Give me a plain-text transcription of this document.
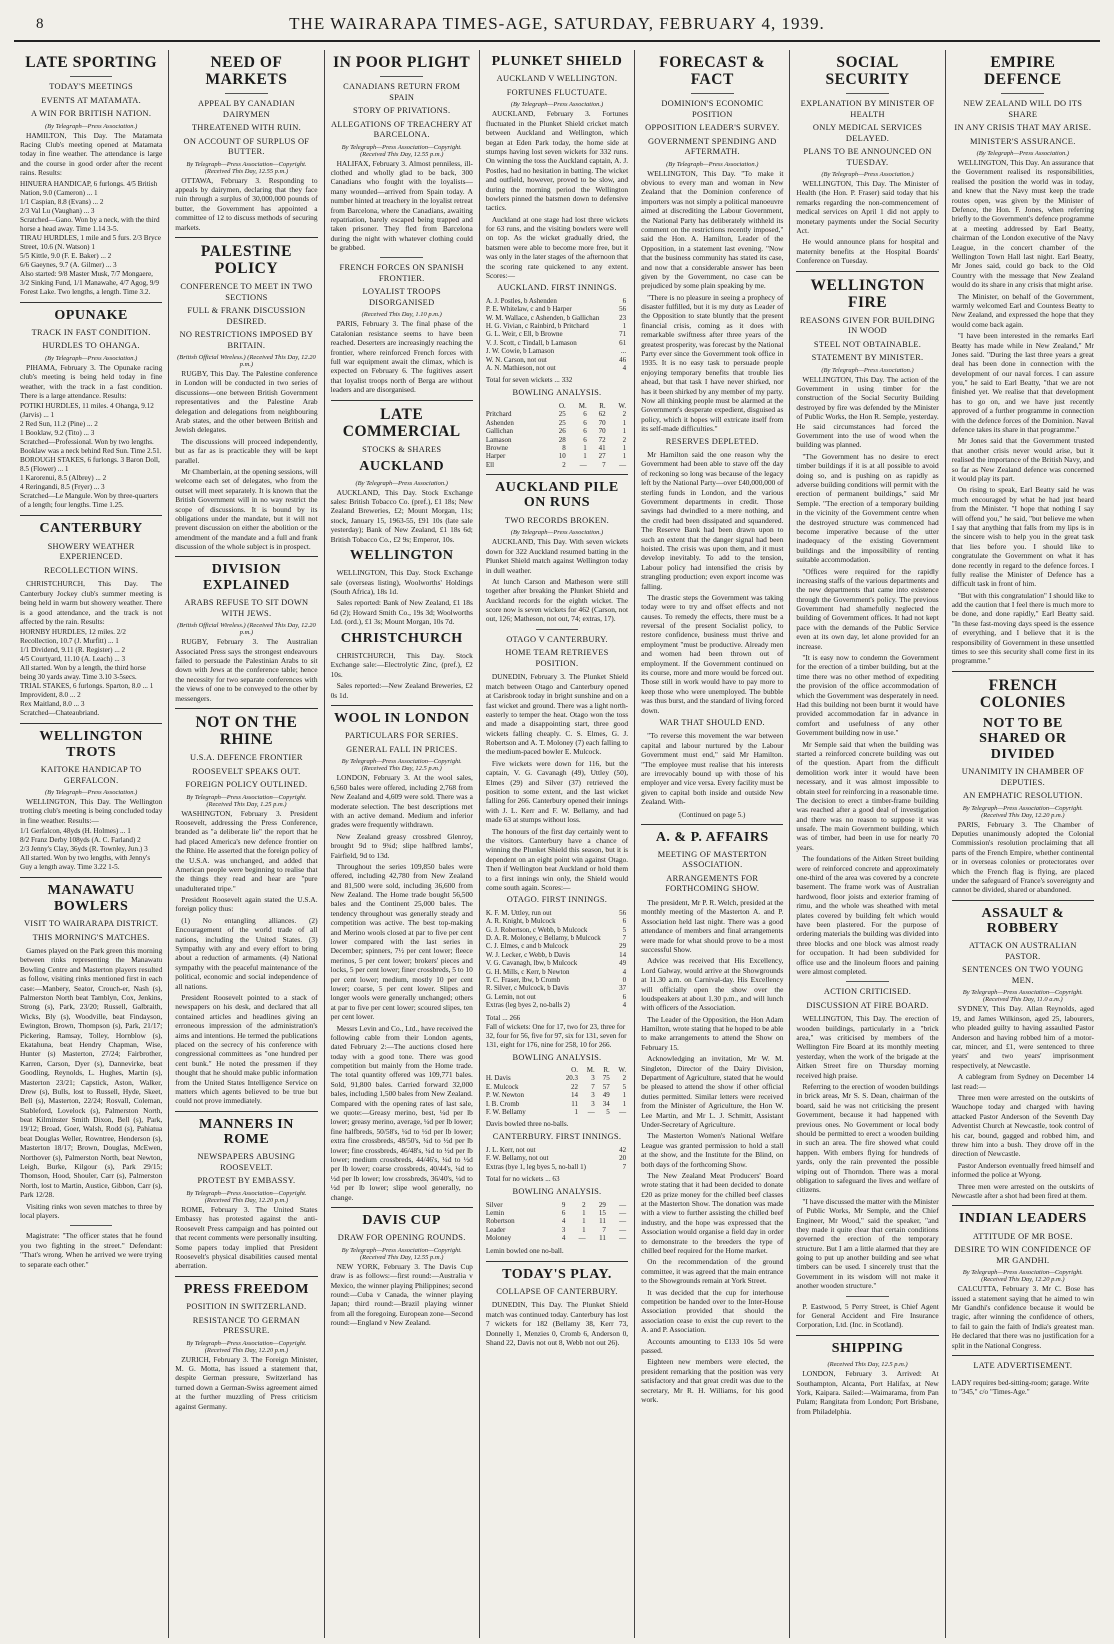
8	THE WAIRARAPA TIMES-AGE, SATURDAY, FEBRUARY 4, 1939.
LATE SPORTING
TODAY'S MEETINGS
EVENTS AT MATAMATA.
A WIN FOR BRITISH NATION.
(By Telegraph—Press Association.)

HAMILTON, This Day. The Matamata Racing Club's meeting opened at Matamata today in fine weather. The attendance is large and the course in good order after the recent rains. Results:

HINUERA HANDICAP, 6 furlongs. 4/5 British Nation, 9.0 (Cameron) ... 1

1/1 Caspian, 8.8 (Evans) ... 2

2/3 Val Lu (Vaughan) ... 3

Scratched—Gano. Won by a neck, with the third horse a head away. Time 1.14 3-5.

TIRAU HURDLES, 1 mile and 5 furs. 2/3 Bryce Street, 10.6 (N. Watson) 1

5/5 Kittle, 9.0 (F. E. Baker) ... 2

6/6 Gaeynes, 9.7 (A. Gilmer) ... 3

Also started: 9/8 Master Musk, 7/7 Mongaere, 3/2 Sinking Fund, 1/1 Manawahe, 4/7 Agog, 9/9 Forest Lake. Two lengths, a length. Time 3.2.

OPUNAKE
TRACK IN FAST CONDITION.
HURDLES TO OHANGA.
(By Telegraph—Press Association.)

PIHAMA, February 3. The Opunake racing club's meeting is being held today in fine weather, with the track in a fast condition. There is a large attendance. Results:

POTIKI HURDLES, 11 miles. 4 Ohanga, 9.12 (Jarvis) ... 1

2 Red Sun, 11.2 (Pine) ... 2

1 Booklaw, 9.2 (Tito) ... 3

Scratched—Professional. Won by two lengths. Booklaw was a neck behind Red Sun. Time 2.51.

BOROUGH STAKES, 6 furlongs. 3 Baron Doll, 8.5 (Flower) ... 1

1 Karorenui, 8.5 (Albrey) ... 2

4 Reringandi, 8.5 (Fryer) ... 3

Scratched—Le Mangule. Won by three-quarters of a length; four lengths. Time 1.25.

CANTERBURY
SHOWERY WEATHER EXPERIENCED.
RECOLLECTION WINS.

CHRISTCHURCH, This Day. The Canterbury Jockey club's summer meeting is being held in warm but showery weather. There is a good attendance, and the track is not affected by the rain. Results:

HORNBY HURDLES, 12 miles. 2/2 Recollection, 10.7 (J. Murfitt) ... 1

1/1 Dividend, 9.11 (R. Register) ... 2

4/5 Courtyard, 11.10 (A. Leach) ... 3

All started. Won by a length, the third horse being 30 yards away. Time 3.10 3-5secs.

TRIAL STAKES, 6 furlongs. Sparton, 8.0 ... 1

Improvident, 8.0 ... 2

Rex Maitland, 8.0 ... 3

Scratched—Chateaubriand.

WELLINGTON TROTS
KAITOKE HANDICAP TO GERFALCON.
(By Telegraph—Press Association.)

WELLINGTON, This Day. The Wellington trotting club's meeting is being concluded today in fine weather. Results:—

1/1 Gerfalcon, 48yds (H. Holmes) ... 1

8/2 Franz Derby 108yds (A. C. Farland) 2

2/3 Jenny's Clay, 36yds (R. Townley, Jun.) 3

All started. Won by two lengths, with Jenny's Guy a length away. Time 3.22 1-5.

MANAWATU BOWLERS
VISIT TO WAIRARAPA DISTRICT.
THIS MORNING'S MATCHES.

Games played on the Park green this morning between rinks representing the Manawatu Bowling Centre and Masterton players resulted as follow, visiting rinks mentioned first in each case:—Manbery, Seator, Crouch-er, Nash (s), Palmerston North beat Tamblyn, Cox, Jenkins, Strong (s), Park, 23/20; Russell, Galbraith, Wicks, Bly (s), Woodville, beat Findayson, Ewington, Brown, Thompson (s), Park, 21/17; Pickering, Ramsay, Tolley, Hornblow (s), Ekatahuna, beat Hendry Chapman, Wise, Hunter (s) Masterton, 27/24; Fairbrother, Karren, Carson, Dyer (s), Dannevirke, beat Goodling, Reynolds, L. Hughes, Martin (s), Masterton 23/21; Capstick, Aston, Walker, Drew (s), Bulls, lost to Russell, Hyde, Skeet, Bell (s), Masterton, 22/24; Rosvall, Coleman, Stableford, Lovelock (s), Palmerston North, beat Kilminster Smith Dixon, Bell (s), Park, 19/12; Broad, Goer, Walsh, Rodd (s), Pahiatua beat Douglas Weller, Rowntree, Henderson (s), Masterton 18/17; Brown, Douglas, McEwen, Northover (s), Palmerston North, beat Newton, Leigh, Burke, Kilgour (s), Park 29/15; Thomson, Hood, Shouler, Carr (s), Palmerston North, lost to Martin, Austice, Gibbon, Carr (s), Park 12/28.

Visiting rinks won seven matches to three by local players.

Magistrate: "The officer states that he found you two fighting in the street." Defendant: "That's wrong. When he arrived we were trying to separate each other."

NEED OF MARKETS
APPEAL BY CANADIAN DAIRYMEN
THREATENED WITH RUIN.
ON ACCOUNT OF SURPLUS OF BUTTER.
By Telegraph—Press Association—Copyright. (Received This Day, 12.55 p.m.)

OTTAWA, February 3. Responding to appeals by dairymen, declaring that they face ruin through a surplus of 30,000,000 pounds of butter, the Government has appointed a committee of 12 to discuss methods of securing markets.

PALESTINE POLICY
CONFERENCE TO MEET IN TWO SECTIONS
FULL & FRANK DISCUSSION DESIRED.
NO RESTRICTIONS IMPOSED BY BRITAIN.
(British Official Wireless.) (Received This Day, 12.20 p.m.)

RUGBY, This Day. The Palestine conference in London will be conducted in two series of discussions—one between British Government representatives and the Palestine Arab delegation and delegations from neighbouring Arab states, and the other between British and Jewish delegates.

The discussions will proceed independently, but as far as is practicable they will be kept parallel.

Mr Chamberlain, at the opening sessions, will welcome each set of delegates, who from the outset will meet separately. It is known that the British Government will in no way restrict the scope of discussions. It is bound by its obligations under the mandate, but it will not prevent discussion on either the abolition or the amendment of the mandate and a full and frank discussion of the whole subject is in prospect.

DIVISION EXPLAINED
ARABS REFUSE TO SIT DOWN WITH JEWS.
(British Official Wireless.) (Received This Day, 12.20 p.m.)

RUGBY, February 3. The Australian Associated Press says the strongest endeavours failed to persuade the Palestinian Arabs to sit down with Jews at the conference table; hence the necessity for two separate conferences with the views of one to be conveyed to the other by messengers.

NOT ON THE RHINE
U.S.A. DEFENCE FRONTIER
ROOSEVELT SPEAKS OUT.
FOREIGN POLICY OUTLINED.
By Telegraph—Press Association—Copyright. (Received This Day, 1.25 p.m.)

WASHINGTON, February 3. President Roosevelt, addressing the Press Conference, branded as "a deliberate lie" the report that he had placed America's new defence frontier on the Rhine. He asserted that the foreign policy of the U.S.A. was unchanged, and added that American people were beginning to realise that the things they read and hear are "pure unadulterated tripe."

President Roosevelt again stated the U.S.A. foreign policy thus:

(1) No entangling alliances. (2) Encouragement of the world trade of all nations, including the United States. (3) Sympathy with any and every effort to bring about a reduction of armaments. (4) National sympathy with the peaceful maintenance of the political, economic and social independence of all nations.

President Roosevelt pointed to a stack of newspapers on his desk, and declared that all contained articles and headlines giving an erroneous impression of the administration's aims and intentions. He termed the publications placed on the secrecy of his conference with congressional committees as "one hundred per cent bunk." He noted the pressmen if they thought that he should make public information from the United States Intelligence Service on matters which agents believed to be true but could not prove immediately.

MANNERS IN ROME
NEWSPAPERS ABUSING ROOSEVELT.
PROTEST BY EMBASSY.
By Telegraph—Press Association—Copyright. (Received This Day, 12.20 p.m.)

ROME, February 3. The United States Embassy has protested against the anti-Roosevelt Press campaign and has pointed out that recent comments were personally insulting. Some papers today implied that President Roosevelt's physical disabilities caused mental aberration.

PRESS FREEDOM
POSITION IN SWITZERLAND.
RESISTANCE TO GERMAN PRESSURE.
By Telegraph—Press Association—Copyright. (Received This Day, 12.20 p.m.)

ZURICH, February 3. The Foreign Minister, M. G. Motta, has issued a statement that, despite German pressure, Switzerland has turned down a German-Swiss agreement aimed at the further muzzling of Press criticism against Germany.

IN POOR PLIGHT
CANADIANS RETURN FROM SPAIN
STORY OF PRIVATIONS.
ALLEGATIONS OF TREACHERY AT BARCELONA.
By Telegraph—Press Association—Copyright. (Received This Day, 12.55 p.m.)

HALIFAX, February 3. Almost penniless, ill-clothed and wholly glad to be back, 300 Canadians who fought with the loyalists—many wounded—arrived from Spain today. A number hinted at treachery in the loyalist retreat from Barcelona, where the Canadians, awaiting repatriation, barely escaped being trapped and taken prisoner. They fled from Barcelona during the night with whatever clothing could be grabbed.

FRENCH FORCES ON SPANISH FRONTIER.
LOYALIST TROOPS DISORGANISED
(Received This Day, 1.10 p.m.)

PARIS, February 3. The final phase of the Catalonian resistance seems to have been reached. Deserters are increasingly reaching the frontier, where reinforced French forces with full war equipment await the climax, which is expected on February 6. The fugitives assert that loyalist troops north of Berga are without leaders and are disorganised.

LATE COMMERCIAL
STOCKS & SHARES
AUCKLAND
(By Telegraph—Press Association.)

AUCKLAND, This Day. Stock Exchange sales: British Tobacco Co. (pref.), £1 18s; New Zealand Breweries, £2; Mount Morgan, 11s; stock, January 15, 1963-55, £91 10s (late sale yesterday); Bank of New Zealand, £1 18s 6d; British Tobacco Co., £2 9s; Emperor, 10s.

WELLINGTON

WELLINGTON, This Day. Stock Exchange sale (overseas listing), Woolworths' Holdings (South Africa), 18s 1d.

Sales reported: Bank of New Zealand, £1 18s 6d (2); Howard Smith Co., 19s 3d; Woolworths Ltd. (ord.), £1 3s; Mount Morgan, 10s 7d.

CHRISTCHURCH

CHRISTCHURCH, This Day. Stock Exchange sale:—Electrolytic Zinc, (pref.), £2 10s.

Sales reported:—New Zealand Breweries, £2 0s 1d.

WOOL IN LONDON
PARTICULARS FOR SERIES.
GENERAL FALL IN PRICES.
By Telegraph—Press Association—Copyright. (Received This Day, 12.5 p.m.)

LONDON, February 3. At the wool sales, 6,560 bales were offered, including 2,768 from New Zealand and 4,609 were sold. There was a moderate selection. The best descriptions met with an active demand. Medium and inferior grades were frequently withdrawn.

New Zealand greasy crossbred Glenroy, brought 9d to 9¾d; slipe halfbred lambs', Fairfield, 9d to 13d.

Throughout the series 109,850 bales were offered, including 42,780 from New Zealand and 81,500 were sold, including 36,600 from New Zealand. The Home trade bought 56,500 bales and the Continent 25,000 bales. The tendency throughout was generally steady and competition was active. The best top-making and Merino wools closed at par to five per cent lower compared with the last series in December; spinners, 7½ per cent lower; fleece merinos, 5 per cent lower; brokers' pieces and locks, 5 per cent lower; finer crossbreds, 5 to 10 per cent lower; medium, mostly 10 per cent lower; coarse, 5 per cent lower. Slipes and longer wools were generally unchanged; others at par to five per cent lower; scoured slipes, ten per cent lower.

Messrs Levin and Co., Ltd., have received the following cable from their London agents, dated February 2:—The auctions closed here today with a good tone. There was good competition but mainly from the Home trade. The total quantity offered was 109,771 bales. Sold, 91,800 bales. Carried forward 32,000 bales, including 1,500 bales from New Zealand. Compared with the opening rates of last sale, we quote:—Greasy merino, best, ¼d per lb lower; greasy merino, average, ¼d per lb lower; fine halfbreds, 50/58's, ¼d to ½d per lb lower; extra fine crossbreds, 48/50's, ¼d to ½d per lb lower; fine crossbreds, 46/48's, ¼d to ½d per lb lower; medium crossbreds, 44/46's, ¼d to ½d per lb lower; coarse crossbreds, 40/44's, ¼d to ½d per lb lower; low crossbreds, 36/40's, ¼d to ½d per lb lower; slipe wool generally, no change.

DAVIS CUP
DRAW FOR OPENING ROUNDS.
By Telegraph—Press Association—Copyright. (Received This Day, 12.55 p.m.)

NEW YORK, February 3. The Davis Cup draw is as follows:—first round:—Australia v Mexico, the winner playing Philippines; second round:—Cuba v Canada, the winner playing Japan; third round:—Brazil playing winner from all the foregoing. European zone—Second round:—England v New Zealand.

PLUNKET SHIELD
AUCKLAND V WELLINGTON.
FORTUNES FLUCTUATE.
(By Telegraph—Press Association.)

AUCKLAND, February 3. Fortunes fluctuated in the Plunket Shield cricket match between Auckland and Wellington, which began at Eden Park today, the home side at stumps having lost seven wickets for 332 runs. On winning the toss the Auckland captain, A. J. Postles, had no hesitation in batting. The wicket and outfield, however, proved to be slow, and during the morning period the Wellington bowlers pinned the batsmen down to defensive tactics.

Auckland at one stage had lost three wickets for 63 runs, and the visiting bowlers were well on top. As the wicket gradually dried, the batsmen were able to become more free, but it was only in the later stages of the afternoon that the scoring rate quickened to any extent. Scores:—

AUCKLAND. FIRST INNINGS.
A. J. Postles, b Ashenden	6
P. E. Whitelaw, c and b Harper	56
W. M. Wallace, c Ashenden, b Gallichan	23
H. G. Vivian, c Rainbird, b Pritchard	1
G. L. Weir, c Ell, b Browne	71
V. J. Scott, c Tindall, b Lamason	61
J. W. Cowie, b Lamason	...
W. N. Carson, not out	46
A. N. Mathieson, not out	4

Total for seven wickets ... 332

BOWLING ANALYSIS.
	O.	M.	R.	W.
Pritchard	25	6	62	2
Ashenden	25	6	70	1
Gallichan	26	6	70	1
Lamason	28	6	72	2
Browne	8	1	41	1
Harper	10	1	27	1
Ell	2	—	7	—
AUCKLAND PILE ON RUNS
TWO RECORDS BROKEN.
(By Telegraph—Press Association.)

AUCKLAND, This Day. With seven wickets down for 322 Auckland resumed batting in the Plunket Shield match against Wellington today in dull weather.

At lunch Carson and Matheson were still together after breaking the Plunket Shield and Auckland records for the eighth wicket. The score now is seven wickets for 462 (Carson, not out, 126; Matheson, not out, 74; extras, 17).

OTAGO V CANTERBURY.
HOME TEAM RETRIEVES POSITION.

DUNEDIN, February 3. The Plunket Shield match between Otago and Canterbury opened at Carisbrook today in bright sunshine and on a fast wicket and ground. There was a light north-easterly to temper the heat. Otago won the toss and made a disappointing start, three good wickets falling cheaply. C. S. Elmes, G. J. Robertson and A. T. Moloney (7) each falling to the medium-paced bowler E. Mulcock.

Five wickets were down for 116, but the captain, V. G. Cavanagh (49), Uttley (50), Elmes (29) and Silver (37) retrieved the position to some extent, and the last wicket falling for 266. Canterbury opened their innings with J. L. Kerr and F. W. Bellamy, and had made 63 at stumps without loss.

The honours of the first day certainly went to the visitors. Canterbury have a chance of winning the Plunket Shield this season, but it is dependent on an eight point win against Otago. Then if Wellington beat Auckland or hold them to a first innings win only, the Shield would come south again. Scores:—

OTAGO. FIRST INNINGS.
K. F. M. Uttley, run out	56
A. R. Knight, b Mulcock	6
G. J. Robertson, c Webb, b Mulcock	5
D. A. R. Moloney, c Bellamy, b Mulcock	7
C. J. Elmes, c and b Mulcock	29
W. J. Lecker, c Webb, b Davis	14
V. G. Cavanagh, lbw, b Mulcock	49
G. H. Mills, c Kerr, b Newton	4
T. C. Fraser, lbw, b Cromb	0
R. Silver, c Mulcock, b Davis	37
G. Lemin, not out	6
Extras (leg byes 2, no-balls 2)	4

Total ... 266

Fall of wickets: One for 17, two for 23, three for 32, four for 56, five for 97, six for 131, seven for 131, eight for 176, nine for 258, 10 for 266.

BOWLING ANALYSIS.
	O.	M.	R.	W.
H. Davis	20.3	3	75	2
E. Mulcock	22	7	57	5
P. W. Newton	14	3	49	1
I. B. Cromb	11	3	34	1
F. W. Bellamy	1	—	5	—

Davis bowled three no-balls.

CANTERBURY. FIRST INNINGS.
J. L. Kerr, not out	42
F. W. Bellamy, not out	20
Extras (bye 1, leg byes 5, no-ball 1)	7

Total for no wickets ... 63

BOWLING ANALYSIS.
Silver	9	2	29	—
Lemin	6	1	15	—
Robertson	4	1	11	—
Leader	3	1	7	—
Moloney	4	—	11	—

Lemin bowled one no-ball.

TODAY'S PLAY.
COLLAPSE OF CANTERBURY.

DUNEDIN, This Day. The Plunket Shield match was continued today. Canterbury has lost 7 wickets for 182 (Bellamy 38, Kerr 73, Donnelly 1, Menzies 0, Cromb 6, Anderson 0, Shand 22, Davis not out 8, Webb not out 26).

FORECAST & FACT
DOMINION'S ECONOMIC POSITION
OPPOSITION LEADER'S SURVEY.
GOVERNMENT SPENDING AND AFTERMATH.
(By Telegraph—Press Association.)

WELLINGTON, This Day. "To make it obvious to every man and woman in New Zealand that the Dominion conference of importers was not simply a political manoeuvre aimed at discrediting the Labour Government, the National Party has deliberately withheld its comment on the restrictions recently imposed," said the Hon. A. Hamilton, Leader of the Opposition, in a statement last evening. "Now that the business community has stated its case, and now that a considerable answer has been given by the Government, no case can be prejudiced by some plain speaking by me.

"There is no pleasure in seeing a prophecy of disaster fulfilled, but it is my duty as Leader of the Opposition to state bluntly that the present financial crisis, coming as it does with remarkable swiftness after three years of the greatest prosperity, was forecast by the National Party ever since the Government took office in 1935. It is no easy task to persuade people enjoying temporary benefits that trouble lies ahead, but that task I have never shirked, nor has it been shirked by any member of my party. Now all thinking people must be alarmed at the Government's desperate expedient, disguised as policy, which it hopes will extricate itself from its self-made difficulties."

RESERVES DEPLETED.

Mr Hamilton said the one reason why the Government had been able to stave off the day of reckoning so long was because of the legacy left by the National Party—over £40,000,000 of sterling funds in London, and the various Government departments in credit. Those savings had dwindled to a mere nothing, and the credit had been dissipated and squandered. The Reserve Bank had been drawn upon to such an extent that the danger signal had been hoisted. The crisis was upon them, and it must develop inevitably. To add to the tension, Labour policy had intensified the crisis by strangling production; even export income was falling.

The drastic steps the Government was taking today were to try and offset effects and not causes. To remedy the effects, there must be a reversal of the present Socialist policy, to restore confidence, business must thrive and employment "must be productive. Already men and women had been thrown out of employment. If the Government continued on its course, more and more would be forced out. Those still in work would have to pay more to keep those who were unemployed. The bubble was thus burst, and the standard of living forced down.

WAR THAT SHOULD END.

"To reverse this movement the war between capital and labour nurtured by the Labour Government must end," said Mr Hamilton. "The employee must realise that his interests are irrevocably bound up with those of his employer and vice versa. Every facility must be given to capital both inside and outside New Zealand. With-

(Continued on page 5.)
A. & P. AFFAIRS
MEETING OF MASTERTON ASSOCIATION.
ARRANGEMENTS FOR FORTHCOMING SHOW.

The president, Mr P. R. Welch, presided at the monthly meeting of the Masterton A. and P. Association held last night. There was a good attendance of members and final arrangements were made for what should prove to be a most successful Show.

Advice was received that His Excellency, Lord Galway, would arrive at the Showgrounds at 11.30 a.m. on Carnival-day. His Excellency will officially open the show over the loudspeakers at about 1.30 p.m., and will lunch with officers of the Association.

The Leader of the Opposition, the Hon Adam Hamilton, wrote stating that he hoped to be able to make arrangements to attend the Show on February 15.

Acknowledging an invitation, Mr W. M. Singleton, Director of the Dairy Division, Department of Agriculture, stated that he would be pleased to attend the show if other official duties permitted. Similar letters were received from the Minister of Agriculture, the Hon W. Lee Martin, and Mr L. J. Schmitt, Assistant Under-Secretary of Agriculture.

The Masterton Women's National Welfare League was granted permission to hold a stall at the show, and the Institute for the Blind, on both days of the forthcoming Show.

The New Zealand Meat Producers' Board wrote stating that it had been decided to donate £20 as prize money for the chilled beef classes at the Masterton Show. The donation was made with a view to further assisting the chilled beef industry, and the hope was expressed that the Association would organise a field day in order to demonstrate to the breeders the type of chilled beef required for the Home market.

On the recommendation of the ground committee, it was agreed that the main entrance to the Showgrounds remain at York Street.

It was decided that the cup for interhouse competition be handed over to the Inter-House Association provided that should the association cease to exist the cup revert to the A. and P. Association.

Accounts amounting to £133 10s 5d were passed.

Eighteen new members were elected, the president remarking that the position was very satisfactory and that great credit was due to the secretary, Mr R. H. Williams, for his good work.

SOCIAL SECURITY
EXPLANATION BY MINISTER OF HEALTH
ONLY MEDICAL SERVICES DELAYED.
PLANS TO BE ANNOUNCED ON TUESDAY.
(By Telegraph—Press Association.)

WELLINGTON, This Day. The Minister of Health (the Hon. P. Fraser) said today that his remarks regarding the non-commencement of medical services on April 1 did not apply to monetary payments under the Social Security Act.

He would announce plans for hospital and maternity benefits at the Hospital Boards' Conference on Tuesday.

WELLINGTON FIRE
REASONS GIVEN FOR BUILDING IN WOOD
STEEL NOT OBTAINABLE.
STATEMENT BY MINISTER.
(By Telegraph—Press Association.)

WELLINGTON, This Day. The action of the Government in using timber for the construction of the Social Security Building destroyed by fire was defended by the Minister of Public Works, the Hon R. Semple, yesterday. He said circumstances had forced the Government into the use of wood when the building was planned.

"The Government has no desire to erect timber buildings if it is at all possible to avoid doing so, and is pushing on as rapidly as adverse building conditions will permit with the erection of permanent buildings," said Mr Semple. "The erection of a temporary building in the vicinity of the Government centre when the destroyed structure was commenced had become imperative because of the utter inadequacy of the existing Government buildings and the impossibility of renting suitable accommodation.

"Offices were required for the rapidly increasing staffs of the various departments and the new departments that came into existence through the Government's policy. The previous Government had shamefully neglected the building of Government offices. It had not kept pace with the demands of the Public Service even at its own day, let alone provided for an increase.

"It is easy now to condemn the Government for the erection of a timber building, but at the time there was no other method of expediting the provision of the office accommodation of which the Government was desperately in need. Had this building not been burnt it would have provided accommodation far in advance in comfort and usefulness of any other Government building now in use."

Mr Semple said that when the building was started a reinforced concrete building was out of the question. Apart from the difficult demolition work inter it would have been necessary, and it was almost impossible to obtain steel for reinforcing in a reasonable time. The decision to erect a timber-frame building was reached after a good deal of investigation and there was no reason to suppose it was unsafe. The main Government building, which was of timber, had been in use for nearly 70 years.

The foundations of the Aitken Street building were of reinforced concrete and approximately one-third of the area was covered by a concrete basement. The frame work was of Australian hardwood, floor joists and exterior framing of rimu, and the whole was sheathed with metal plates covered by building felt which would have been plastered. For the purpose of ordering materials the building was divided into three blocks and one block was almost ready for occupation. It had been subdivided for office use and the linoleum floors and paining were almost completed.

ACTION CRITICISED.
DISCUSSION AT FIRE BOARD.

WELLINGTON, This Day. The erection of wooden buildings, particularly in a "brick area," was criticised by members of the Wellington Fire Board at its monthly meeting yesterday, when the work of the brigade at the Aitken Street fire on Thursday morning received high praise.

Referring to the erection of wooden buildings in brick areas, Mr S. S. Dean, chairman of the board, said he was not criticising the present Government, because it had happened with previous ones. No Government or local body should be permitted to erect a wooden building in such an area. The fire showed what could happen. With embers flying for hundreds of yards, only the rain prevented the possible wiping out of Thorndon. There was a moral obligation to safeguard the lives and welfare of citizens.

"I have discussed the matter with the Minister of Public Works, Mr Semple, and the Chief Engineer, Mr Wood," said the speaker, "and they made it quite clear that certain conditions governed the erection of the temporary structure. But I am a little alarmed that they are going to put up another building and see what timbers can be used. I sincerely trust that the Government in its wisdom will not make it another wooden structure."

P. Eastwood, 5 Perry Street, is Chief Agent for General Accident and Fire Insurance Corporation, Ltd. (Inc. in Scotland).

SHIPPING
(Received This Day, 12.5 p.m.)

LONDON, February 3. Arrived: At Southampton, Alcanta, Port Halifax, at New York, Kaipara. Sailed:—Waimarama, from Pan Pulam; Rangitata from London; Port Brisbane, from Philadelphia.

EMPIRE DEFENCE
NEW ZEALAND WILL DO ITS SHARE
IN ANY CRISIS THAT MAY ARISE.
MINISTER'S ASSURANCE.
(By Telegraph—Press Association.)

WELLINGTON, This Day. An assurance that the Government realised its responsibilities, realised the position the world was in today, and knew that the Navy must keep the trade routes open, was given by the Minister of Defence, the Hon. F. Jones, when referring briefly to the Government's defence programme at a meeting addressed by Earl Beatty, chairman of the London executive of the Navy League, in the concert chamber of the Wellington Town Hall last night. Earl Beatty, Mr Jones said, could go back to the Old Country with the message that New Zealand would do its share in any crisis that might arise.

The Minister, on behalf of the Government, warmly welcomed Earl and Countess Beatty to New Zealand, and expressed the hope that they would come back again.

"I have been interested in the remarks Earl Beatty has made while in New Zealand," Mr Jones said. "During the last three years a great deal has been done in connection with the development of our naval forces. I can assure you," he said to Earl Beatty, "that we are not finished yet. We realise that that development has to go on, and we have just recently approved of a further programme in connection with the defence forces of the Dominion. Naval defence takes its share in that programme."

Mr Jones said that the Government trusted that another crisis never would arise, but it realised the importance of the British Navy, and so far as New Zealand defence was concerned it would play its part.

On rising to speak, Earl Beatty said he was much encouraged by what he had just heard from the Minister. "I hope that nothing I say will offend you," he said, "but believe me when I say that anything that falls from my lips is in the sincere wish to help you in the great task that lies before you. I should like to congratulate the Government on what it has done recently in regard to the defence forces. I fully realise the Minister of Defence has a difficult task in front of him.

"But with this congratulation" I should like to add the caution that I feel there is much more to be done, and done rapidly," Earl Beatty said. "In these fast-moving days speed is the essence of everything, and I believe that it is the responsibility of Government in these unsettled times to see this security shall come first in its programme."

FRENCH COLONIES
NOT TO BE SHARED OR DIVIDED
UNANIMITY IN CHAMBER OF DEPUTIES.
AN EMPHATIC RESOLUTION.
By Telegraph—Press Association—Copyright. (Received This Day, 12.20 p.m.)

PARIS, February 3. The Chamber of Deputies unanimously adopted the Colonial Commission's resolution proclaiming that all parts of the French Empire, whether continental or in overseas colonies or protectorates over which the French flag is flying, are placed under the safeguard of France's sovereignty and cannot be divided, shared or abandoned.

ASSAULT & ROBBERY
ATTACK ON AUSTRALIAN PASTOR.
SENTENCES ON TWO YOUNG MEN.
By Telegraph—Press Association—Copyright. (Received This Day, 11.0 a.m.)

SYDNEY, This Day. Allan Reynolds, aged 19, and James Wilkinson, aged 25, labourers, who pleaded guilty to having assaulted Pastor Anderson and having robbed him of a motor-car, mincer, and £1, were sentenced to three years' and two years' imprisonment respectively, at Newcastle.

A cablegram from Sydney on December 14 last read:—

Three men were arrested on the outskirts of Wauchope today and charged with having attacked Pastor Anderson of the Seventh Day Adventist Church at Newcastle, took control of his car, bound, gagged and robbed him, and threw him into a bush. They drove off in the direction of Newcastle.

Pastor Anderson eventually freed himself and informed the police at Wyong.

Three men were arrested on the outskirts of Newcastle after a shot had been fired at them.

INDIAN LEADERS
ATTITUDE OF MR BOSE.
DESIRE TO WIN CONFIDENCE OF MR GANDHI.
By Telegraph—Press Association—Copyright. (Received This Day, 12.20 p.m.)

CALCUTTA, February 3. Mr C. Bose has issued a statement saying that he aimed to win Mr Gandhi's confidence because it would be tragic, after winning the confidence of others, to fail to gain the faith of India's greatest man. He declared that there was no justification for a split in the National Congress.

LATE ADVERTISEMENT.

LADY requires bed-sitting-room; garage. Write to "345," c/o "Times-Age."
